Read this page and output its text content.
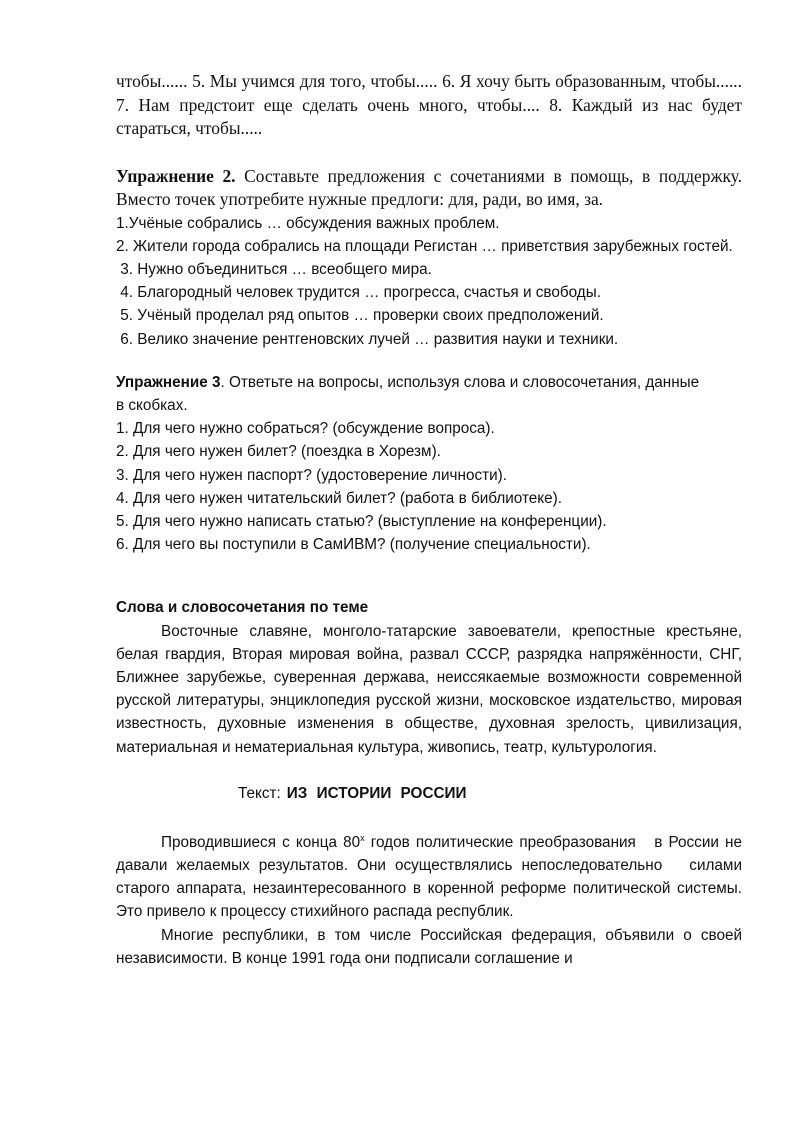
чтобы...... 5. Мы учимся для того, чтобы..... 6. Я хочу быть образованным, чтобы...... 7. Нам предстоит еще сделать очень много, чтобы.... 8. Каждый из нас будет стараться, чтобы.....

Упражнение 2. Составьте предложения с сочетаниями в помощь, в поддержку. Вместо точек употребите нужные предлоги: для, ради, во имя, за.

1.Учёные собрались … обсуждения важных проблем.

2. Жители города собрались на площади Регистан … приветствия зарубежных гостей.

3. Нужно объединиться … всеобщего мира.

4. Благородный человек трудится … прогресса, счастья и свободы.

5. Учёный проделал ряд опытов … проверки своих предположений.

6. Велико значение рентгеновских лучей … развития науки и техники.

Упражнение 3. Ответьте на вопросы, используя слова и словосочетания, данные в скобках.

1. Для чего нужно собраться? (обсуждение вопроса).

2. Для чего нужен билет? (поездка в Хорезм).

3. Для чего нужен паспорт? (удостоверение личности).

4. Для чего нужен читательский билет? (работа в библиотеке).

5. Для чего нужно написать статью? (выступление на конференции).

6. Для чего вы поступили в СамИВМ? (получение специальности).

Слова и словосочетания по теме

Восточные славяне, монголо-татарские завоеватели, крепостные крестьяне, белая гвардия, Вторая мировая война, развал СССР, разрядка напряжённости, СНГ, Ближнее зарубежье, суверенная держава, неиссякаемые возможности современной русской литературы, энциклопедия русской жизни, московское издательство, мировая известность, духовные изменения в обществе, духовная зрелость, цивилизация, материальная и нематериальная культура, живопись, театр, культурология.

Текст: ИЗ ИСТОРИИ РОССИИ

Проводившиеся с конца $80^х$ годов политические преобразования   в России не давали желаемых результатов. Они осуществлялись непоследовательно   силами старого аппарата, незаинтересованного в коренной реформе политической системы. Это привело к процессу стихийного распада республик.

Многие республики, в том числе Российская федерация, объявили о своей независимости. В конце 1991 года они подписали соглашение и
